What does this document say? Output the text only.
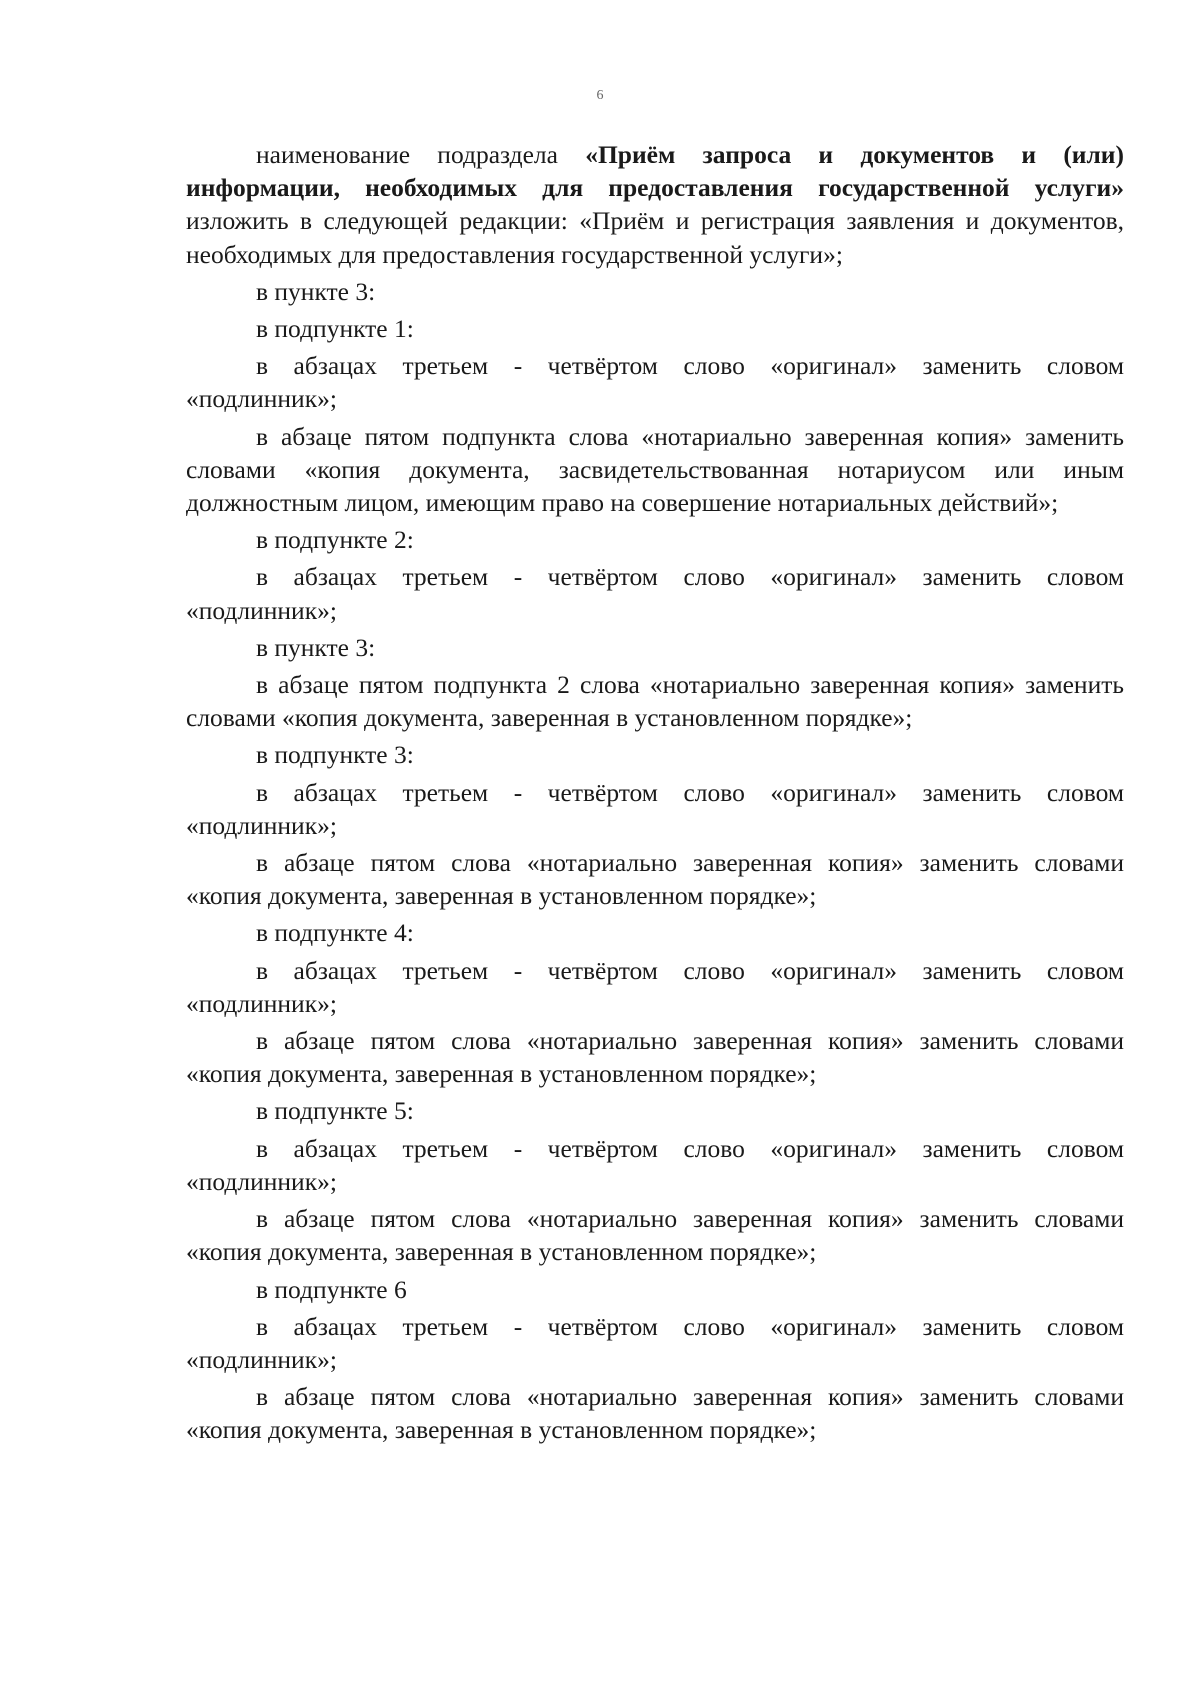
6

наименование подраздела «Приём запроса и документов и (или) информации, необходимых для предоставления государственной услуги» изложить в следующей редакции: «Приём и регистрация заявления и документов, необходимых для предоставления государственной услуги»;

в пункте 3:

в подпункте 1:

в абзацах третьем - четвёртом слово «оригинал» заменить словом «подлинник»;

в абзаце пятом подпункта слова «нотариально заверенная копия» заменить словами «копия документа, засвидетельствованная нотариусом или иным должностным лицом, имеющим право на совершение нотариальных действий»;

в подпункте 2:

в абзацах третьем - четвёртом слово «оригинал» заменить словом «подлинник»;

в пункте 3:

в абзаце пятом подпункта 2 слова «нотариально заверенная копия» заменить словами «копия документа, заверенная в установленном порядке»;

в подпункте 3:

в абзацах третьем - четвёртом слово «оригинал» заменить словом «подлинник»;

в абзаце пятом слова «нотариально заверенная копия» заменить словами «копия документа, заверенная в установленном порядке»;

в подпункте 4:

в абзацах третьем - четвёртом слово «оригинал» заменить словом «подлинник»;

в абзаце пятом слова «нотариально заверенная копия» заменить словами «копия документа, заверенная в установленном порядке»;

в подпункте 5:

в абзацах третьем - четвёртом слово «оригинал» заменить словом «подлинник»;

в абзаце пятом слова «нотариально заверенная копия» заменить словами «копия документа, заверенная в установленном порядке»;

в подпункте 6

в абзацах третьем - четвёртом слово «оригинал» заменить словом «подлинник»;

в абзаце пятом слова «нотариально заверенная копия» заменить словами «копия документа, заверенная в установленном порядке»;
